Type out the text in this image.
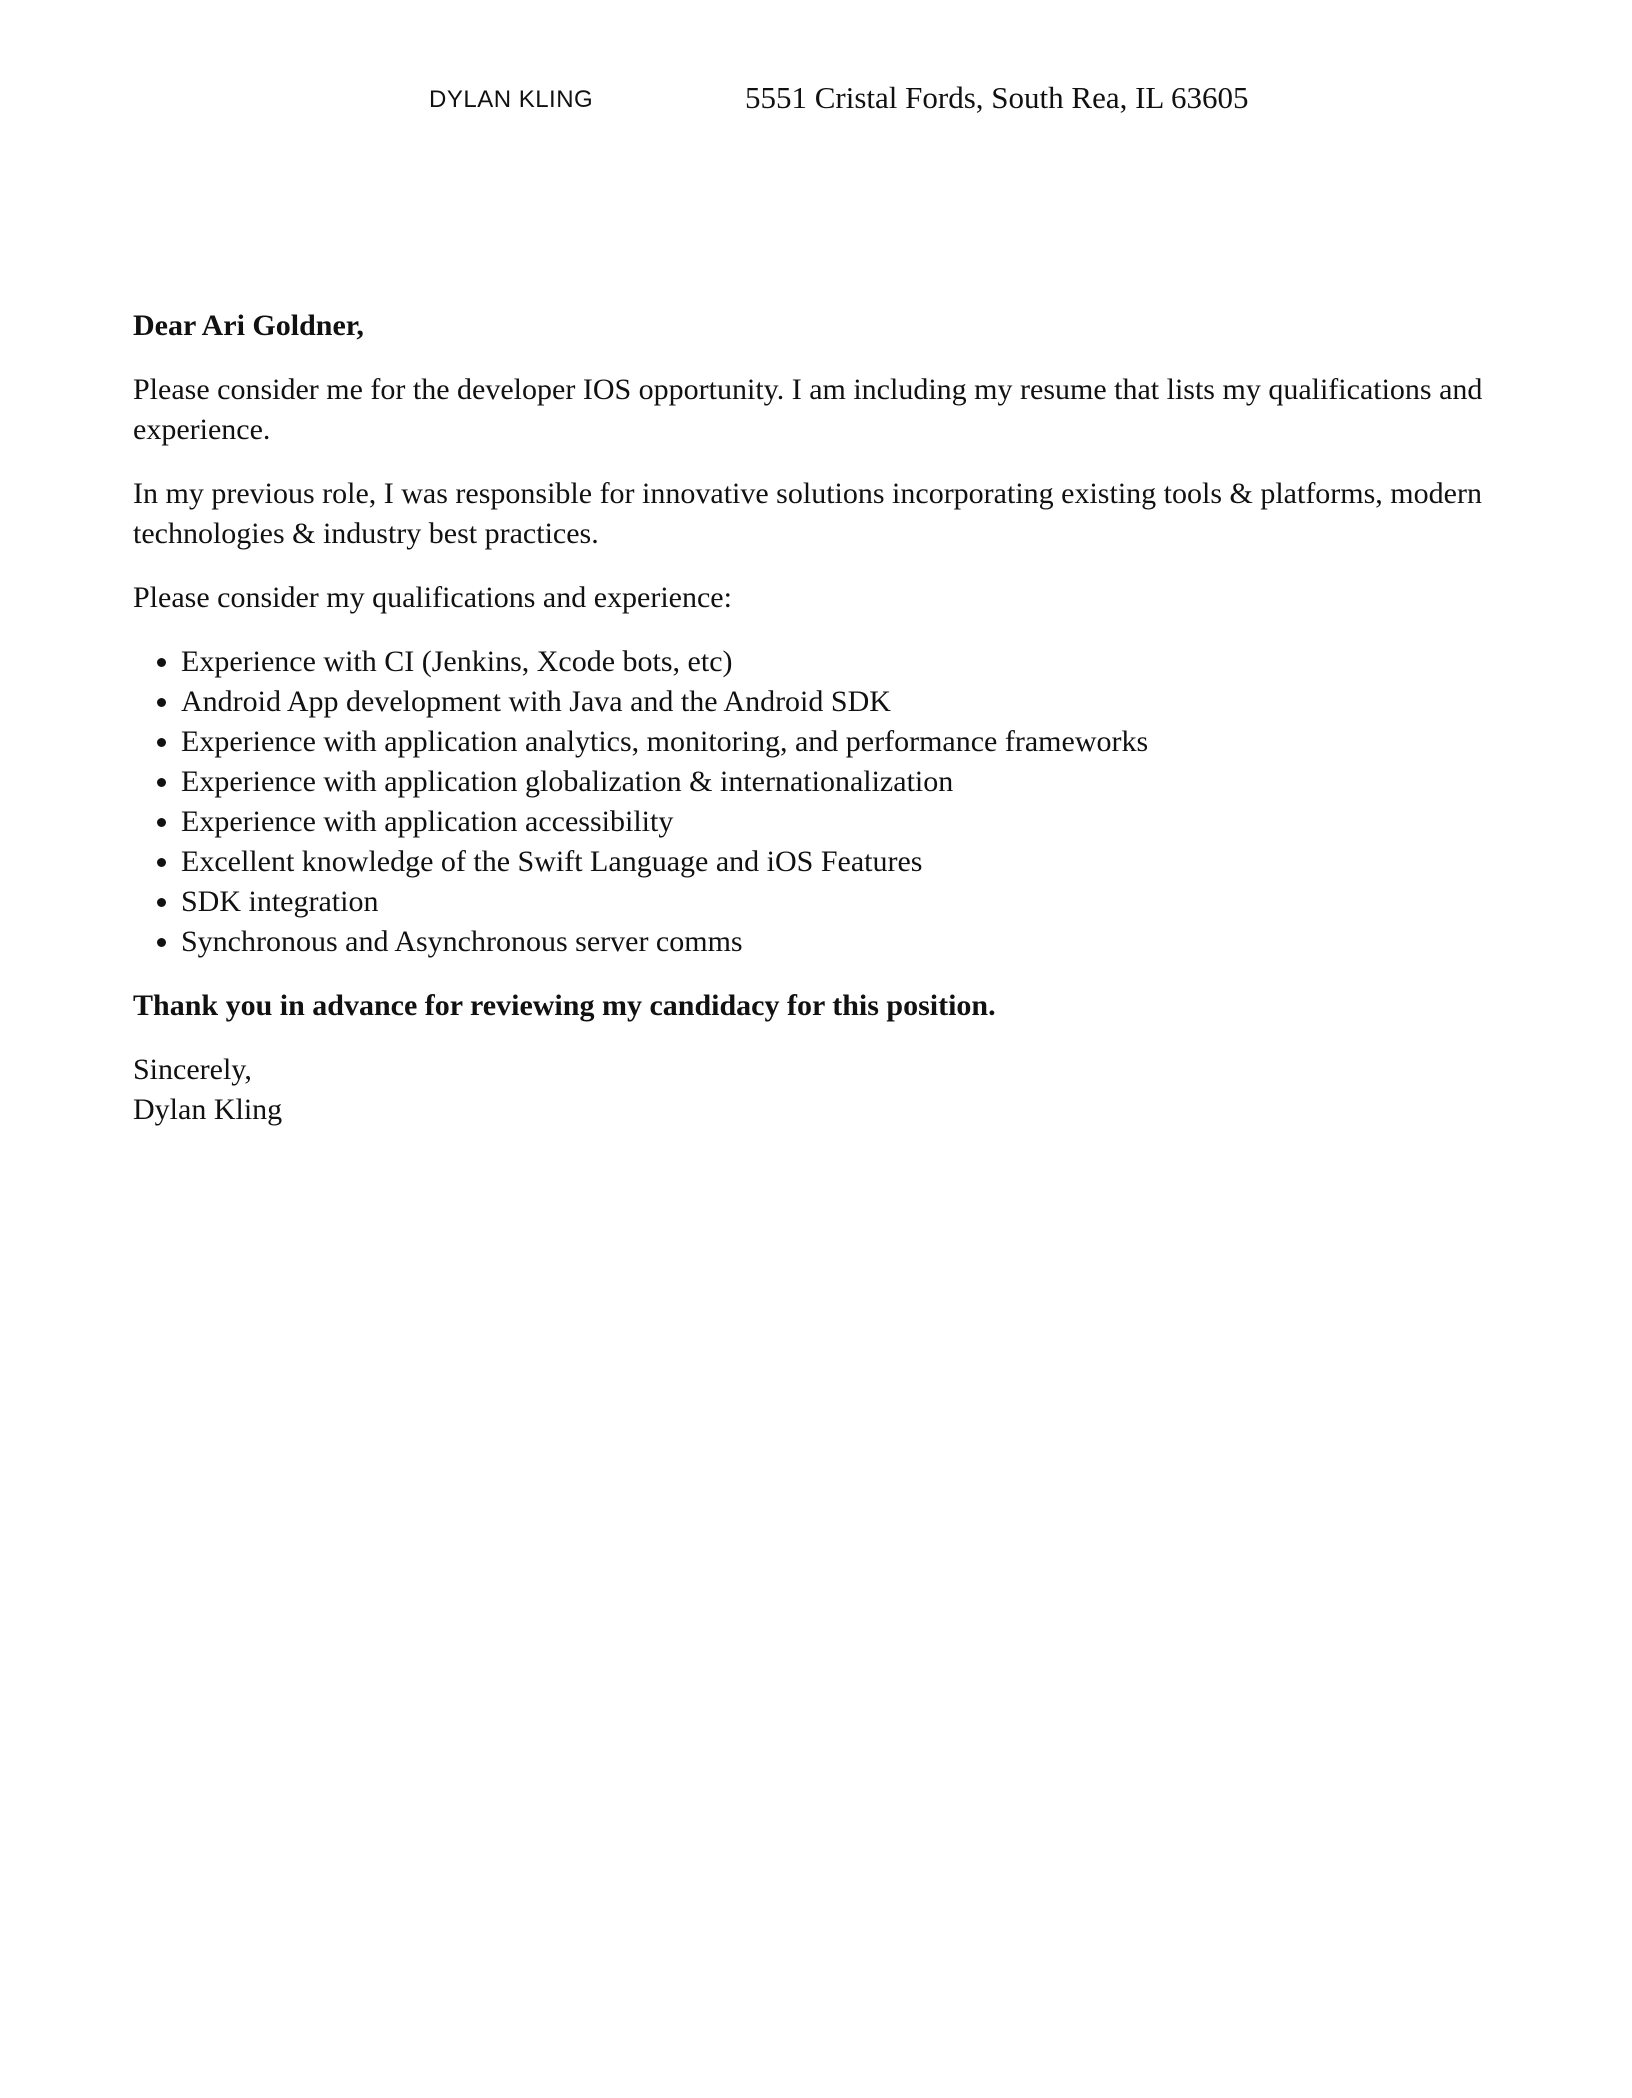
DYLAN KLING	5551 Cristal Fords, South Rea, IL 63605

Dear Ari Goldner,

Please consider me for the developer IOS opportunity. I am including my resume that lists my qualifications and experience.

In my previous role, I was responsible for innovative solutions incorporating existing tools & platforms, modern technologies & industry best practices.

Please consider my qualifications and experience:

• Experience with CI (Jenkins, Xcode bots, etc)
• Android App development with Java and the Android SDK
• Experience with application analytics, monitoring, and performance frameworks
• Experience with application globalization & internationalization
• Experience with application accessibility
• Excellent knowledge of the Swift Language and iOS Features
• SDK integration
• Synchronous and Asynchronous server comms

Thank you in advance for reviewing my candidacy for this position.

Sincerely,
Dylan Kling
